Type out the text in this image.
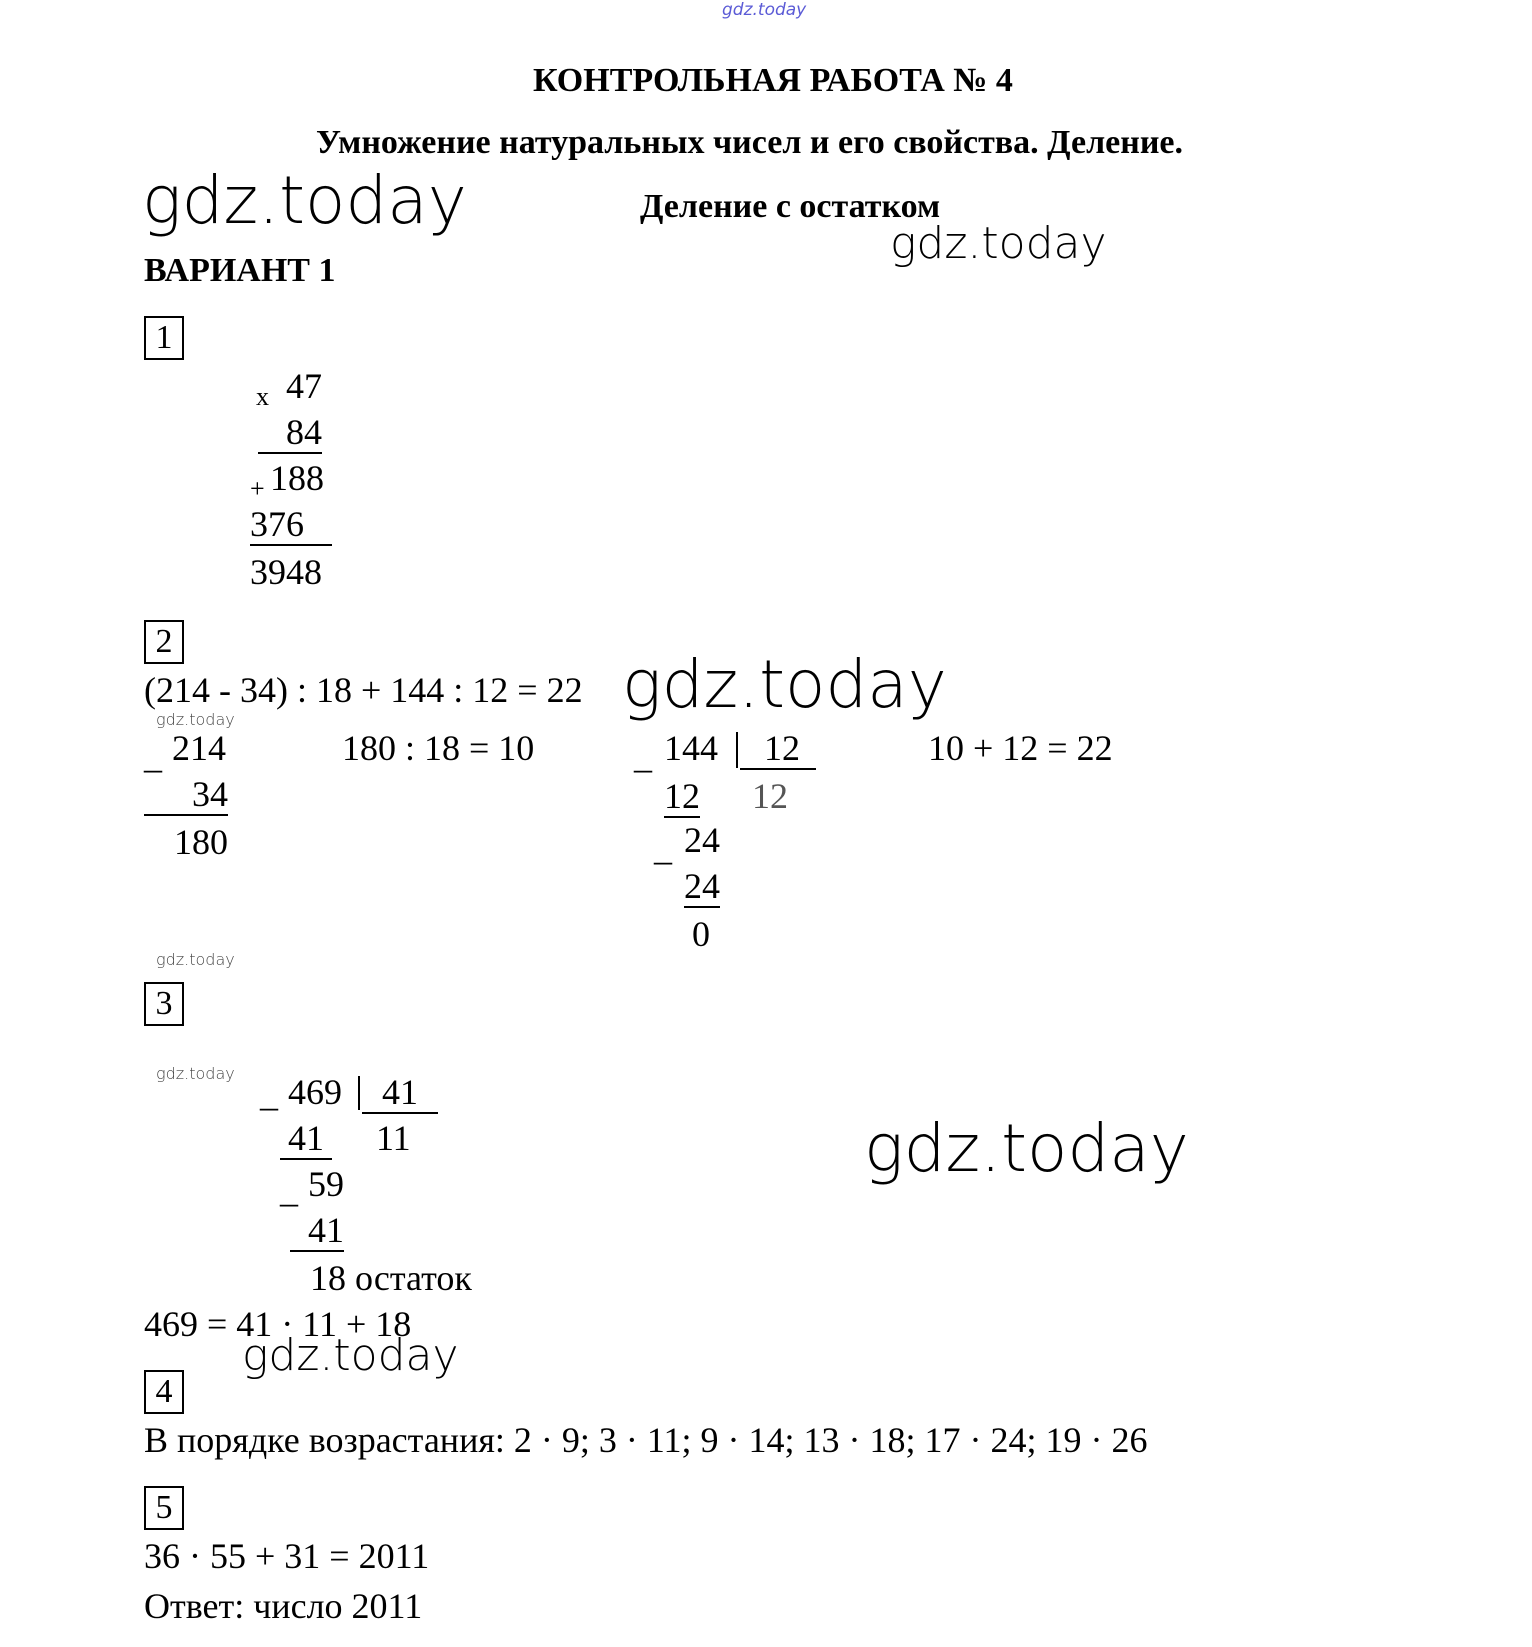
gdz.today
gdz.today
gdz.today
gdz.today
gdz.today
gdz.today
gdz.today
gdz.today
gdz.today
КОНТРОЛЬНАЯ РАБОТА № 4
Умножение натуральных чисел и его свойства. Деление.
Деление с остатком
ВАРИАНТ 1
1
x 47
84
+ 188
376
3948
2
(214 - 34) : 18 + 144 : 12 = 22
_ 214
34
180
180 : 18 = 10	_ 144	12
12
12
_ 24
24
0
10 + 12 = 22
3
_ 469	41
11
41
_ 59
41
18 остаток
469 = 41 · 11 + 18
4
В порядке возрастания: 2 · 9; 3 · 11; 9 · 14; 13 · 18; 17 · 24; 19 · 26
5
36 · 55 + 31 = 2011
Ответ: число 2011
